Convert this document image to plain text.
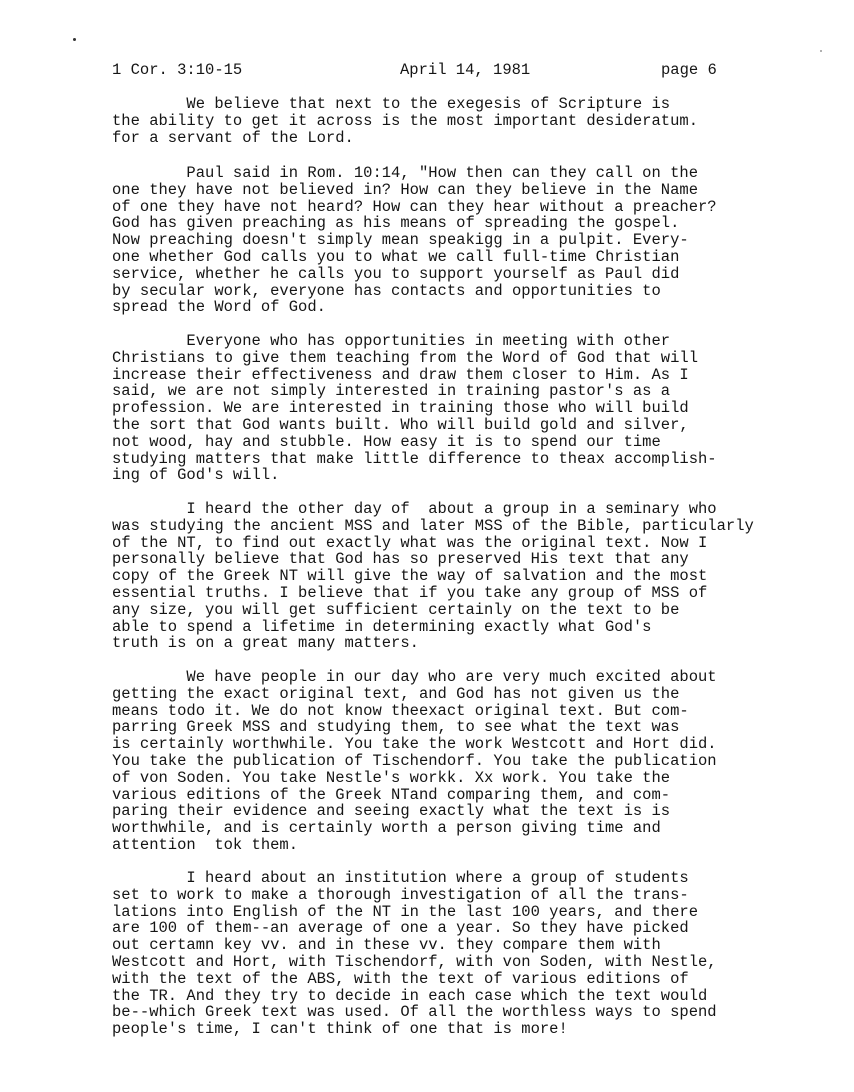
1 Cor. 3:10-15	April 14, 1981	page 6
We believe that next to the exegesis of Scripture is
the ability to get it across is the most important desideratum.
for a servant of the Lord.
Paul said in Rom. 10:14, "How then can they call on the
one they have not believed in? How can they believe in the Name
of one they have not heard? How can they hear without a preacher?
God has given preaching as his means of spreading the gospel.
Now preaching doesn't simply mean speakigg in a pulpit. Every-
one whether God calls you to what we call full-time Christian
service, whether he calls you to support yourself as Paul did
by secular work, everyone has contacts and opportunities to
spread the Word of God.
Everyone who has opportunities in meeting with other
Christians to give them teaching from the Word of God that will
increase their effectiveness and draw them closer to Him. As I
said, we are not simply interested in training pastor's as a
profession. We are interested in training those who will build
the sort that God wants built. Who will build gold and silver,
not wood, hay and stubble. How easy it is to spend our time
studying matters that make little difference to theax accomplish-
ing of God's will.
I heard the other day of  about a group in a seminary who
was studying the ancient MSS and later MSS of the Bible, particularly
of the NT, to find out exactly what was the original text. Now I
personally believe that God has so preserved His text that any
copy of the Greek NT will give the way of salvation and the most
essential truths. I believe that if you take any group of MSS of
any size, you will get sufficient certainly on the text to be
able to spend a lifetime in determining exactly what God's
truth is on a great many matters.
We have people in our day who are very much excited about
getting the exact original text, and God has not given us the
means todo it. We do not know theexact original text. But com-
parring Greek MSS and studying them, to see what the text was
is certainly worthwhile. You take the work Westcott and Hort did.
You take the publication of Tischendorf. You take the publication
of von Soden. You take Nestle's workk. Xx work. You take the
various editions of the Greek NTand comparing them, and com-
paring their evidence and seeing exactly what the text is is
worthwhile, and is certainly worth a person giving time and
attention  tok them.
I heard about an institution where a group of students
set to work to make a thorough investigation of all the trans-
lations into English of the NT in the last 100 years, and there
are 100 of them--an average of one a year. So they have picked
out certamn key vv. and in these vv. they compare them with
Westcott and Hort, with Tischendorf, with von Soden, with Nestle,
with the text of the ABS, with the text of various editions of
the TR. And they try to decide in each case which the text would
be--which Greek text was used. Of all the worthless ways to spend
people's time, I can't think of one that is more!
